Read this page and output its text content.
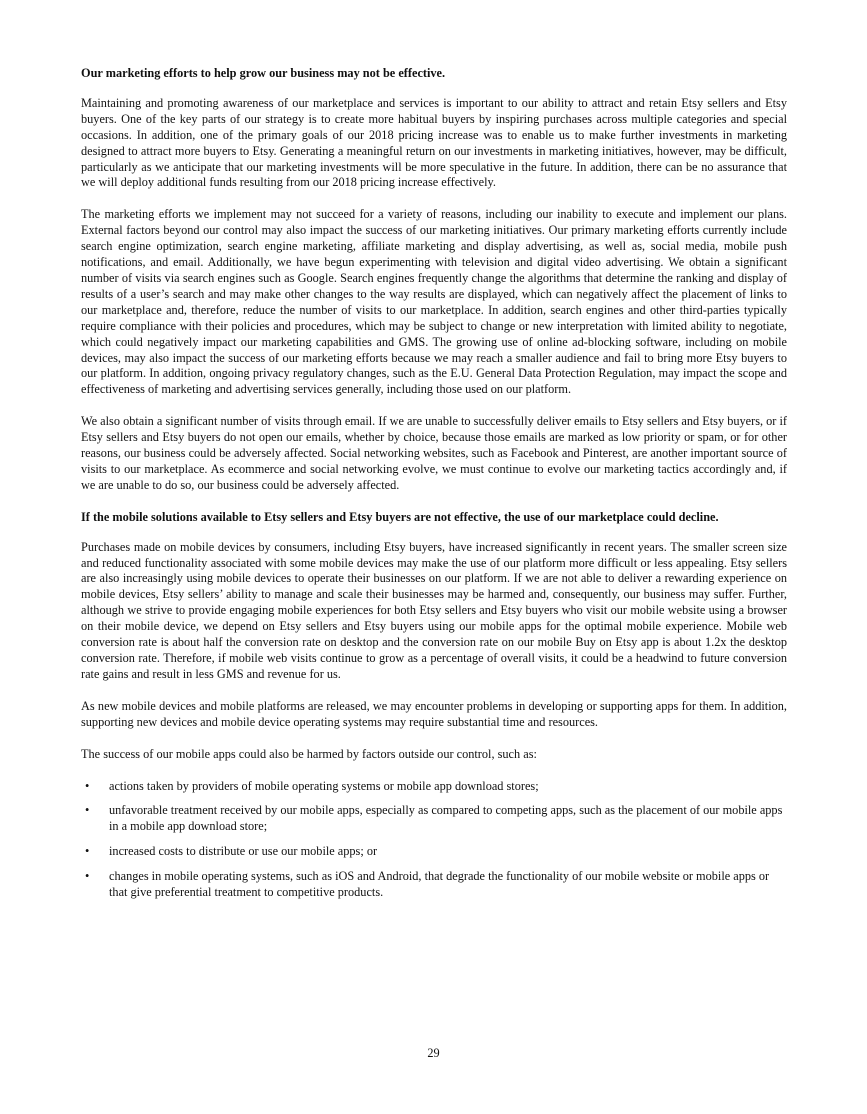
Our marketing efforts to help grow our business may not be effective.

Maintaining and promoting awareness of our marketplace and services is important to our ability to attract and retain Etsy sellers and Etsy buyers. One of the key parts of our strategy is to create more habitual buyers by inspiring purchases across multiple categories and special occasions. In addition, one of the primary goals of our 2018 pricing increase was to enable us to make further investments in marketing designed to attract more buyers to Etsy. Generating a meaningful return on our investments in marketing initiatives, however, may be difficult, particularly as we anticipate that our marketing investments will be more speculative in the future. In addition, there can be no assurance that we will deploy additional funds resulting from our 2018 pricing increase effectively.

The marketing efforts we implement may not succeed for a variety of reasons, including our inability to execute and implement our plans. External factors beyond our control may also impact the success of our marketing initiatives. Our primary marketing efforts currently include search engine optimization, search engine marketing, affiliate marketing and display advertising, as well as, social media, mobile push notifications, and email. Additionally, we have begun experimenting with television and digital video advertising. We obtain a significant number of visits via search engines such as Google. Search engines frequently change the algorithms that determine the ranking and display of results of a user’s search and may make other changes to the way results are displayed, which can negatively affect the placement of links to our marketplace and, therefore, reduce the number of visits to our marketplace. In addition, search engines and other third-parties typically require compliance with their policies and procedures, which may be subject to change or new interpretation with limited ability to negotiate, which could negatively impact our marketing capabilities and GMS. The growing use of online ad-blocking software, including on mobile devices, may also impact the success of our marketing efforts because we may reach a smaller audience and fail to bring more Etsy buyers to our platform. In addition, ongoing privacy regulatory changes, such as the E.U. General Data Protection Regulation, may impact the scope and effectiveness of marketing and advertising services generally, including those used on our platform.

We also obtain a significant number of visits through email. If we are unable to successfully deliver emails to Etsy sellers and Etsy buyers, or if Etsy sellers and Etsy buyers do not open our emails, whether by choice, because those emails are marked as low priority or spam, or for other reasons, our business could be adversely affected. Social networking websites, such as Facebook and Pinterest, are another important source of visits to our marketplace. As ecommerce and social networking evolve, we must continue to evolve our marketing tactics accordingly and, if we are unable to do so, our business could be adversely affected.

If the mobile solutions available to Etsy sellers and Etsy buyers are not effective, the use of our marketplace could decline.

Purchases made on mobile devices by consumers, including Etsy buyers, have increased significantly in recent years. The smaller screen size and reduced functionality associated with some mobile devices may make the use of our platform more difficult or less appealing. Etsy sellers are also increasingly using mobile devices to operate their businesses on our platform. If we are not able to deliver a rewarding experience on mobile devices, Etsy sellers’ ability to manage and scale their businesses may be harmed and, consequently, our business may suffer. Further, although we strive to provide engaging mobile experiences for both Etsy sellers and Etsy buyers who visit our mobile website using a browser on their mobile device, we depend on Etsy sellers and Etsy buyers using our mobile apps for the optimal mobile experience. Mobile web conversion rate is about half the conversion rate on desktop and the conversion rate on our mobile Buy on Etsy app is about 1.2x the desktop conversion rate. Therefore, if mobile web visits continue to grow as a percentage of overall visits, it could be a headwind to future conversion rate gains and result in less GMS and revenue for us.

As new mobile devices and mobile platforms are released, we may encounter problems in developing or supporting apps for them. In addition, supporting new devices and mobile device operating systems may require substantial time and resources.

The success of our mobile apps could also be harmed by factors outside our control, such as:

• actions taken by providers of mobile operating systems or mobile app download stores;
• unfavorable treatment received by our mobile apps, especially as compared to competing apps, such as the placement of our mobile apps in a mobile app download store;
• increased costs to distribute or use our mobile apps; or
• changes in mobile operating systems, such as iOS and Android, that degrade the functionality of our mobile website or mobile apps or that give preferential treatment to competitive products.
29
